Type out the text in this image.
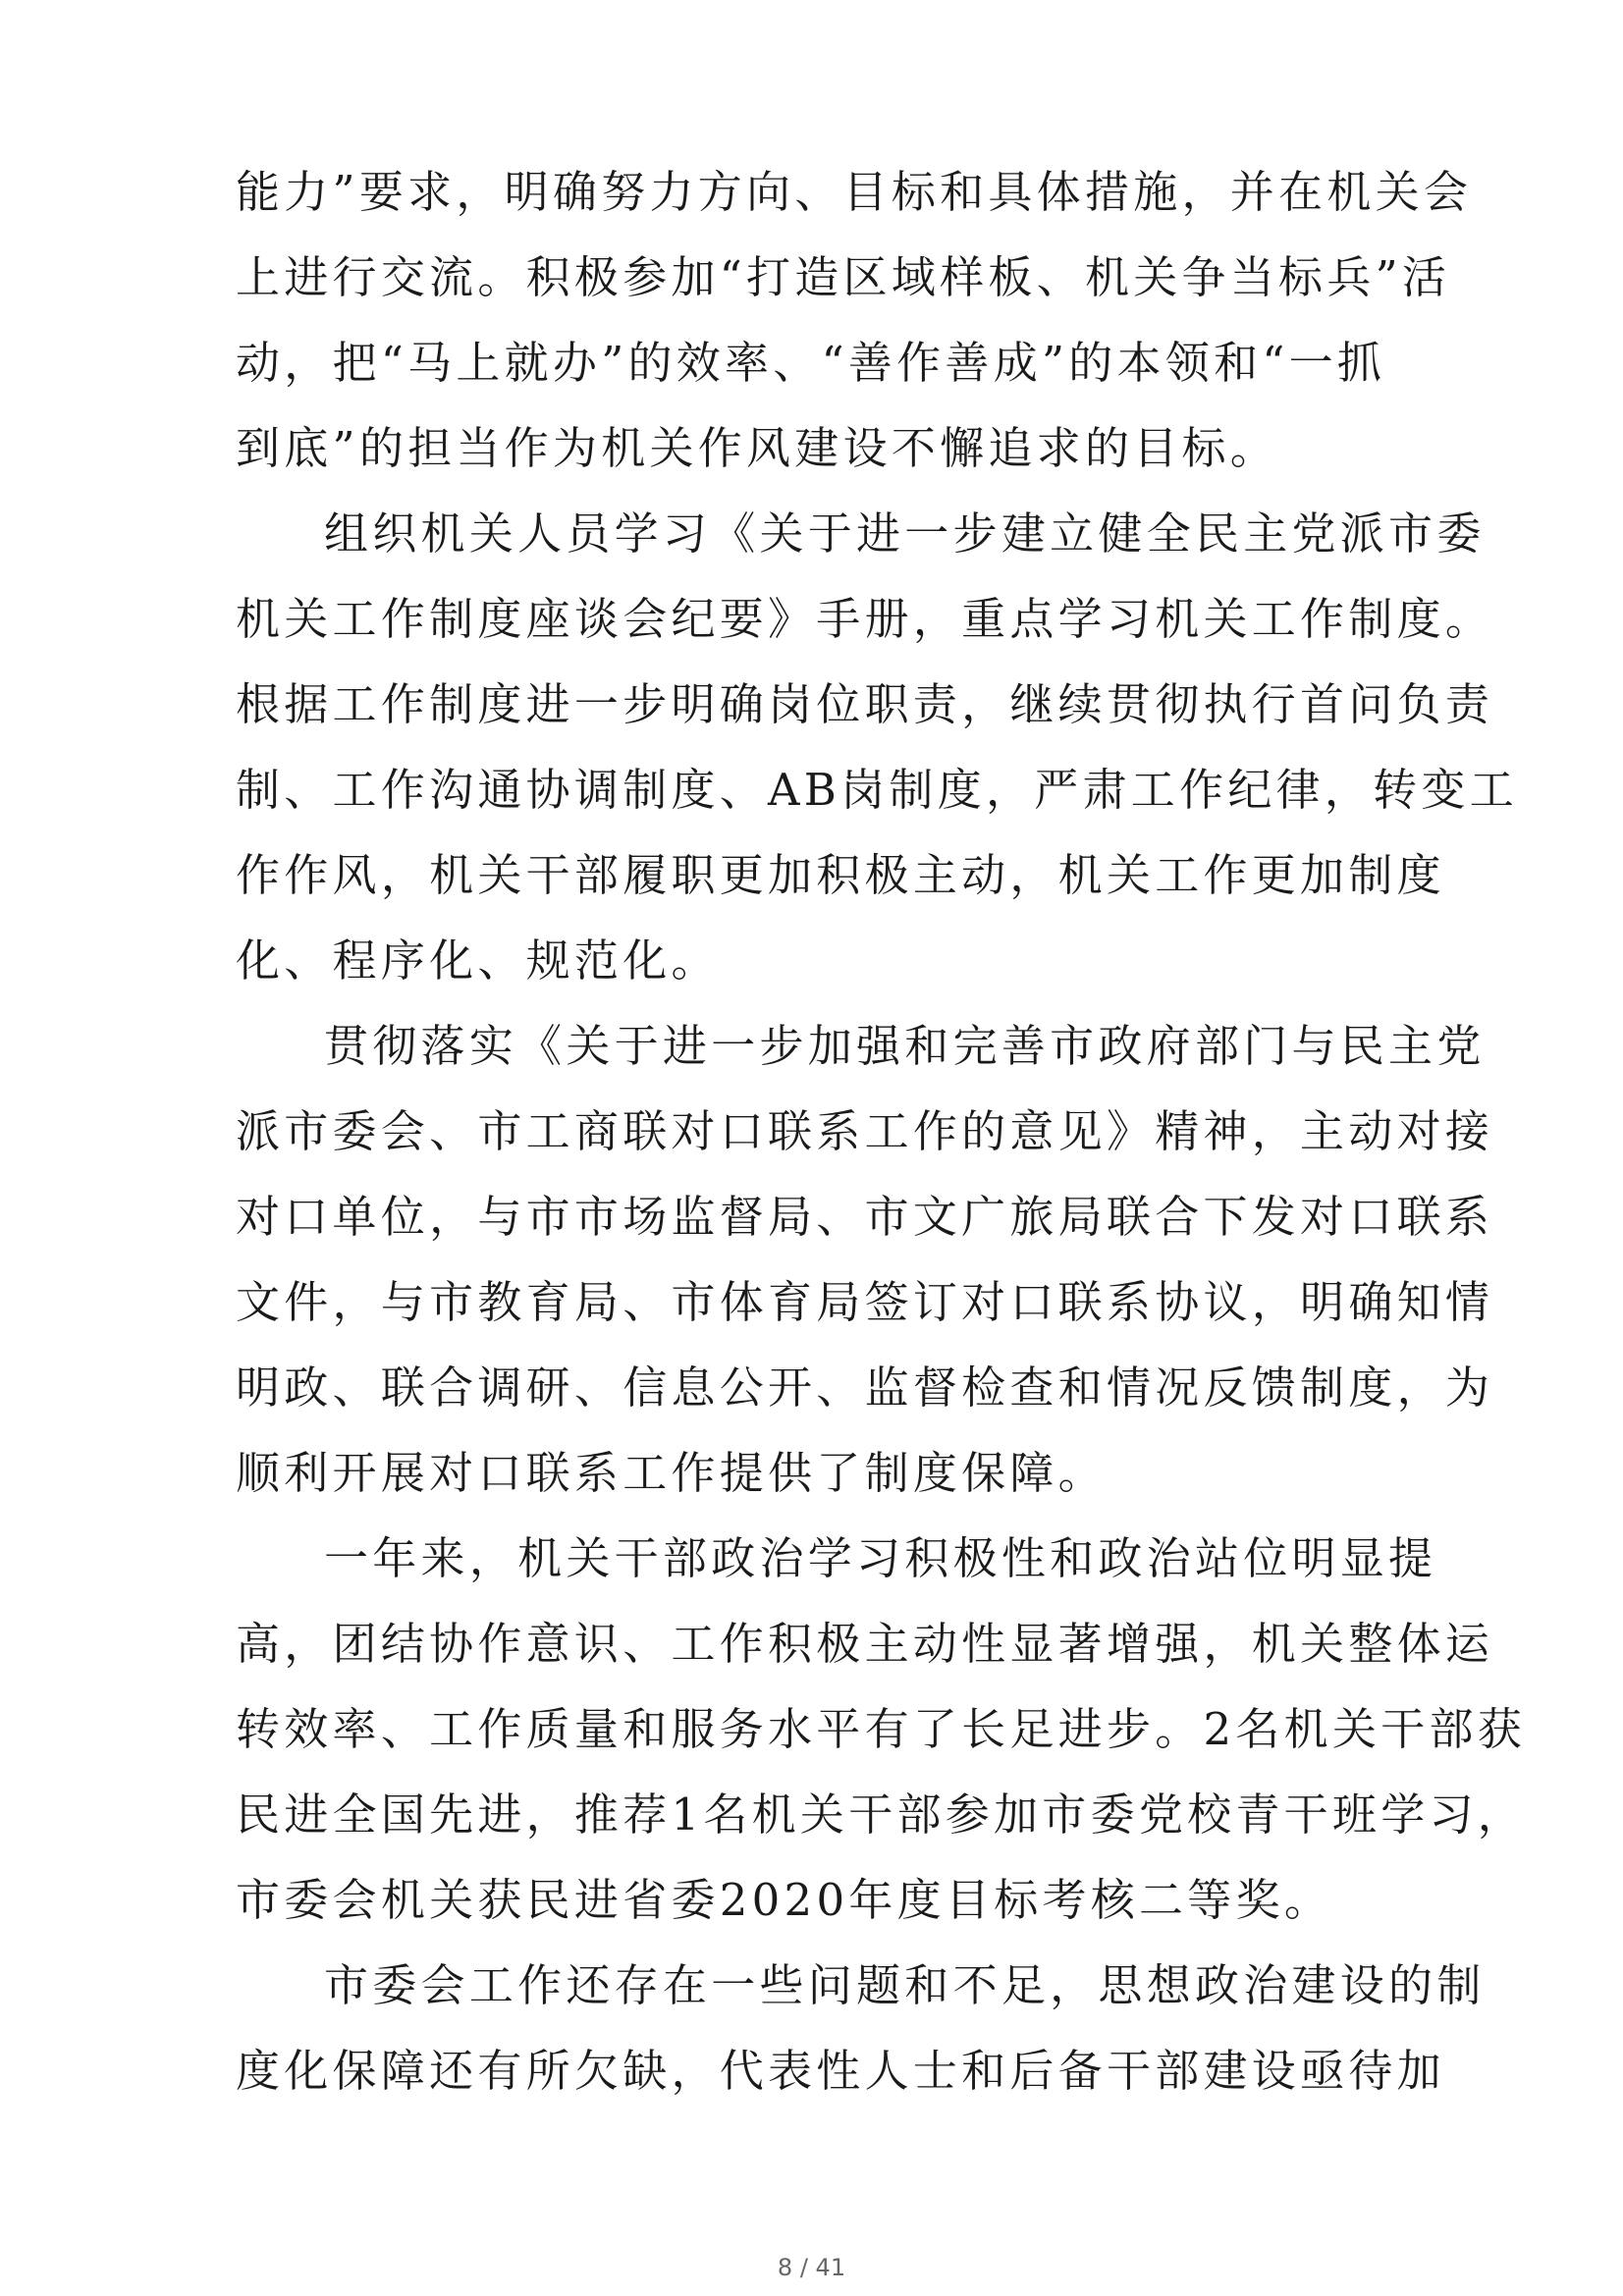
能力”要求，明确努力方向、目标和具体措施，并在机关会
上进行交流。积极参加“打造区域样板、机关争当标兵”活
动，把“马上就办”的效率、“善作善成”的本领和“一抓
到底”的担当作为机关作风建设不懈追求的目标。
组织机关人员学习《关于进一步建立健全民主党派市委
机关工作制度座谈会纪要》手册，重点学习机关工作制度。
根据工作制度进一步明确岗位职责，继续贯彻执行首问负责
制、工作沟通协调制度、AB岗制度，严肃工作纪律，转变工
作作风，机关干部履职更加积极主动，机关工作更加制度
化、程序化、规范化。
贯彻落实《关于进一步加强和完善市政府部门与民主党
派市委会、市工商联对口联系工作的意见》精神，主动对接
对口单位，与市市场监督局、市文广旅局联合下发对口联系
文件，与市教育局、市体育局签订对口联系协议，明确知情
明政、联合调研、信息公开、监督检查和情况反馈制度，为
顺利开展对口联系工作提供了制度保障。
一年来，机关干部政治学习积极性和政治站位明显提
高，团结协作意识、工作积极主动性显著增强，机关整体运
转效率、工作质量和服务水平有了长足进步。2名机关干部获
民进全国先进，推荐1名机关干部参加市委党校青干班学习，
市委会机关获民进省委2020年度目标考核二等奖。
市委会工作还存在一些问题和不足，思想政治建设的制
度化保障还有所欠缺，代表性人士和后备干部建设亟待加
8 / 41
